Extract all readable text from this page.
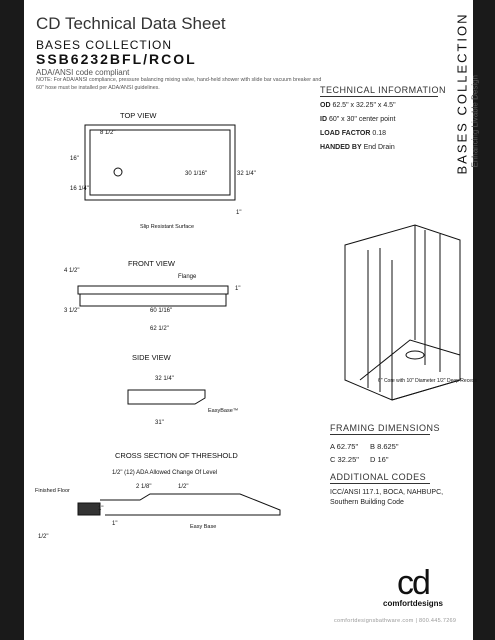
CD Technical Data Sheet
BASES COLLECTION
SSB6232BFL/RCOL
ADA/ANSI code compliant
NOTE: For ADA/ANSI compliance, pressure balancing mixing valve, hand-held shower with slide bar vacuum breaker and 60" hose must be installed per ADA/ANSI guidelines.	BASES COLLECTION Enhancing Livable Design
TECHNICAL INFORMATION
OD 62.5" x 32.25" x 4.5"
ID 60" x 30" center point
LOAD FACTOR 0.18
HANDED BY End Drain
FRAMING DIMENSIONS
A 62.75" B 8.625"
C 32.25" D 16"
ADDITIONAL CODES
ICC/ANSI 117.1, BOCA, NAHBUPC, Southern Building Code
TOP VIEW
FRONT VIEW
SIDE VIEW
CROSS SECTION OF THRESHOLD
Slip Resistant Surface
Flange
EasyBase™
Finished Floor
1/2" (12) ADA Allowed Change Of Level
Easy Base
6" Core with 10" Diameter 1/2" Deep Recess
8 1/2"
16"
16 1/4"
30 1/16"	32 1/4"
1"
4 1/2"
3 1/2"	60 1/16"
62 1/2"
1"
32 1/4"
31"
2 1/8"	1/2"
1"
1"
1/2"
cd
comfortdesigns
comfortdesignsbathware.com | 800.445.7269
